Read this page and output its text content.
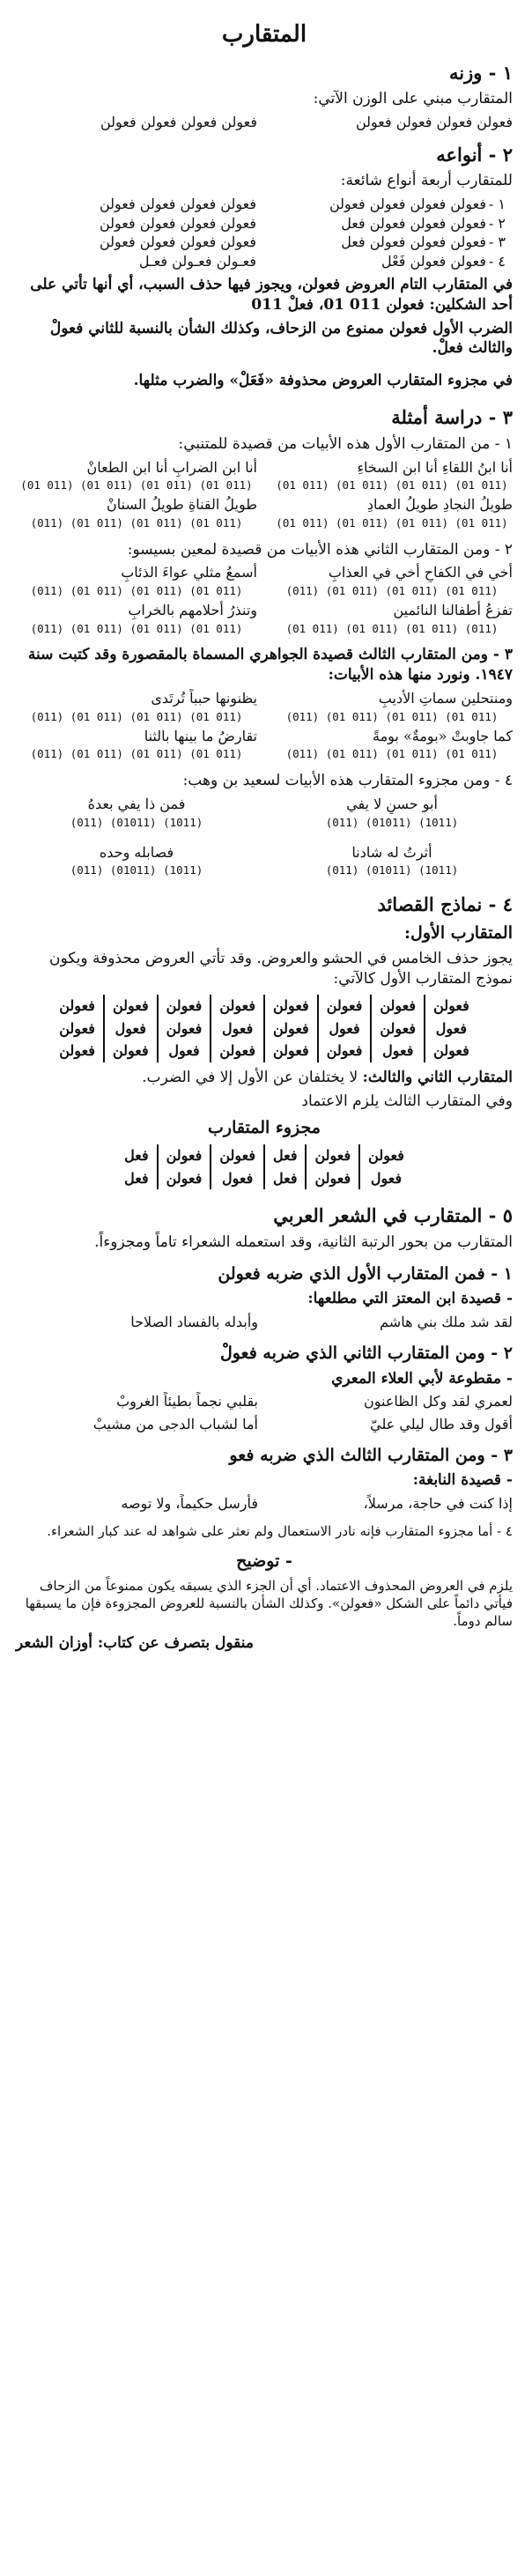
المتقارب
١ - وزنه

المتقارب مبني على الوزن الآتي:

فعولن فعولن فعولن فعولن
فعولن فعولن فعولن فعولن
٢ - أنواعه

للمتقارب أربعة أنواع شائعة:

١ -فعولن فعولن فعولن فعولن
فعولن فعولن فعولن فعولن
٢ -فعولن فعولن فعولن فعل
فعولن فعولن فعولن فعولن
٣ -فعولن فعولن فعولن فعل
فعولن فعولن فعولن فعولن
٤ -فعولن فعولن فَعْل
فعـولن فعـولن فعـل

في المتقارب التام العروض فعولن، ويجوز فيها حذف السبب، أي أنها تأتي على أحد الشكلين: فعولن 011 01، فعلْ 011

الضرب الأول فعولن ممنوع من الزحاف، وكذلك الشأن بالنسبة للثاني فعولْ والثالث فعلْ.

في مجزوء المتقارب العروض محذوفة «فَعَلْ» والضرب مثلها.

٣ - دراسة أمثلة

١ - من المتقارب الأول هذه الأبيات من قصيدة للمتنبي:

أنا ابنُ اللقاءِ أنا ابن السخاءِ
أنا ابن الضرابِ أنا ابن الطعانْ
(01 011) (01 011) (01 011) (01 011)
(01 011) (01 011) (01 011) (01 011)
طويلُ النجادِ طويلُ العمادِ
طويلُ القناةِ طويلُ السنانْ
(01 011) (01 011) (01 011) (01 011)
(011) (01 011) (01 011) (01 011)

٢ - ومن المتقارب الثاني هذه الأبيات من قصيدة لمعين بسيسو:

أخي في الكفاحِ أخي في العذابِ
أُسمعُ مثلي عواءَ الذئابِ
(011) (01 011) (01 011) (01 011)
(011) (01 011) (01 011) (01 011)
تفزعُ أطفالنا النائمين
وتنذرُ أحلامهم بالخرابِ
(01 011) (01 011) (01 011) (011)
(011) (01 011) (01 011) (01 011)

٣ - ومن المتقارب الثالث قصيدة الجواهري المسماة بالمقصورة وقد كتبت سنة ١٩٤٧. ونورد منها هذه الأبيات:

ومنتحلين سماتِ الأديبِ
يظنونها حبباً تُرتَدى
(011) (01 011) (01 011) (01 011)
(011) (01 011) (01 011) (01 011)
كما جاوبتْ «بومةٌ» بومةً
تقارضُ ما بينها بالثنا
(011) (01 011) (01 011) (01 011)
(011) (01 011) (01 011) (01 011)

٤ - ومن مجزوء المتقارب هذه الأبيات لسعيد بن وهب:

أبو حسنٍ لا يفي
فمن ذا يفي بعدهُ
(011) (01011) (1011)
(011) (01011) (1011)
أثرتُ له شادنا
فصابله وحده
(011) (01011) (1011)
(011) (01011) (1011)
٤ - نماذج القصائد
المتقارب الأول:

يجوز حذف الخامس في الحشو والعروض. وقد تأتي العروض محذوفة ويكون نموذج المتقارب الأول كالآتي:

فعولن	فعولن	فعولن	فعولن	فعولن	فعولن	فعولن	فعولن
فعول	فعولن	فعول	فعولن	فعول	فعولن	فعول	فعولن
فعولن	فعول	فعولن	فعولن	فعولن	فعول	فعولن	فعولن

المتقارب الثاني والثالث: لا يختلفان عن الأول إلا في الضرب.

وفي المتقارب الثالث يلزم الاعتماد

مجزوء المتقارب
فعولن	فعولن	فعل	فعولن	فعولن	فعل
فعول	فعولن	فعل	فعول	فعولن	فعل
٥ - المتقارب في الشعر العربي

المتقارب من بحور الرتبة الثانية، وقد استعمله الشعراء تاماً ومجزوءاً.

١ - فمن المتقارب الأول الذي ضربه فعولن

- قصيدة ابن المعتز التي مطلعها:

لقد شد ملك بني هاشم
وأبدله بالفساد الصلاحا
٢ - ومن المتقارب الثاني الذي ضربه فعولْ

- مقطوعة لأبي العلاء المعري

لعمري لقد وكل الظاعنون
بقلبي نجماً بطيئاً الغروبْ
أقول وقد طال ليلي عليّ
أما لشباب الدجى من مشيبْ
٣ - ومن المتقارب الثالث الذي ضربه فعو

- قصيدة النابغة:

إذا كنت في حاجة، مرسلاً،
فأرسل حكيماً، ولا توصه

٤ - أما مجزوء المتقارب فإنه نادر الاستعمال ولم نعثر على شواهد له عند كبار الشعراء.

- توضيح

يلزم في العروض المحذوف الاعتماد. أي أن الجزء الذي يسبقه يكون ممنوعاً من الزحاف فيأتي دائماً على الشكل «فعولن». وكذلك الشأن بالنسبة للعروض المجزوءة فإن ما يسبقها سالم دوماً.

منقول بتصرف عن كتاب: أوزان الشعر
